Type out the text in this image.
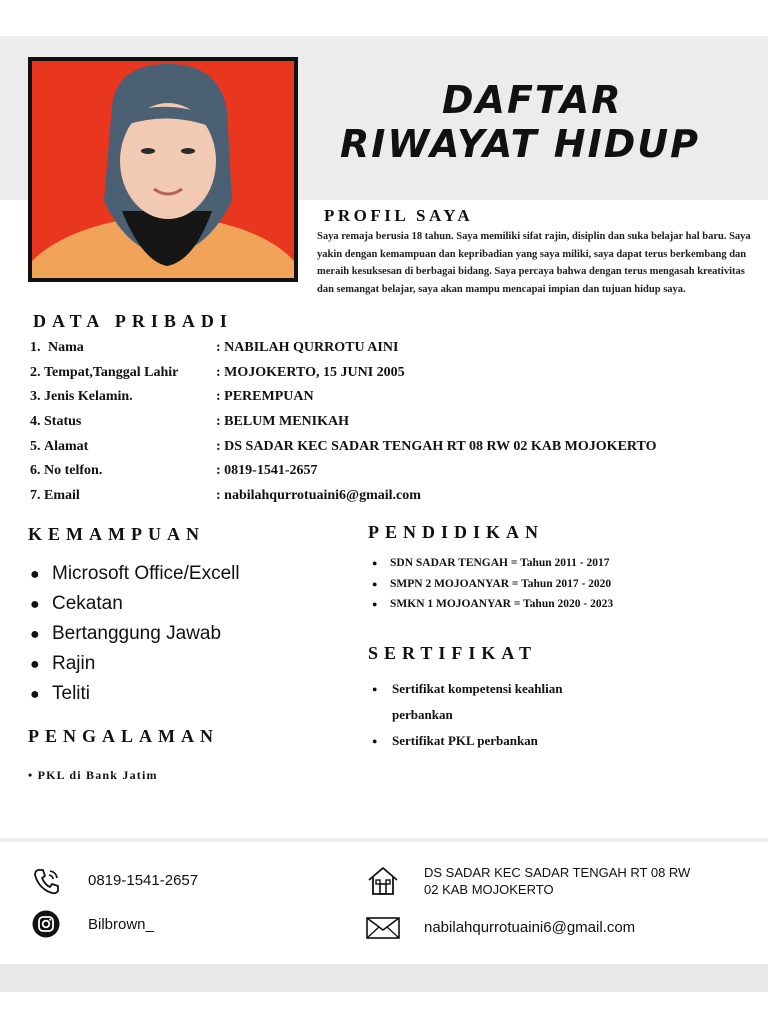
DAFTAR
RIWAYAT HIDUP
PROFIL SAYA
Saya remaja berusia 18 tahun. Saya memiliki sifat rajin, disiplin dan suka belajar hal baru. Saya yakin dengan kemampuan dan kepribadian yang saya miliki, saya dapat terus berkembang dan meraih kesuksesan di berbagai bidang. Saya percaya bahwa dengan terus mengasah kreativitas dan semangat belajar, saya akan mampu mencapai impian dan tujuan hidup saya.
DATA PRIBADI
1. Nama	: NABILAH QURROTU AINI
2. Tempat,Tanggal Lahir	: MOJOKERTO, 15 JUNI 2005
3. Jenis Kelamin.	: PEREMPUAN
4. Status	: BELUM MENIKAH
5. Alamat	: DS SADAR KEC SADAR TENGAH RT 08 RW 02 KAB MOJOKERTO
6. No telfon.	: 0819-1541-2657
7. Email	: nabilahqurrotuaini6@gmail.com
KEMAMPUAN
● Microsoft Office/Excell
● Cekatan
● Bertanggung Jawab
● Rajin
● Teliti
PENDIDIKAN
● SDN SADAR TENGAH = Tahun 2011 - 2017
● SMPN 2 MOJOANYAR = Tahun 2017 - 2020
● SMKN 1 MOJOANYAR = Tahun 2020 - 2023
SERTIFIKAT
● Sertifikat kompetensi keahlian
perbankan
● Sertifikat PKL perbankan
PENGALAMAN
• PKL di Bank Jatim
0819-1541-2657
Bilbrown_
DS SADAR KEC SADAR TENGAH RT 08 RW
02 KAB MOJOKERTO
nabilahqurrotuaini6@gmail.com
